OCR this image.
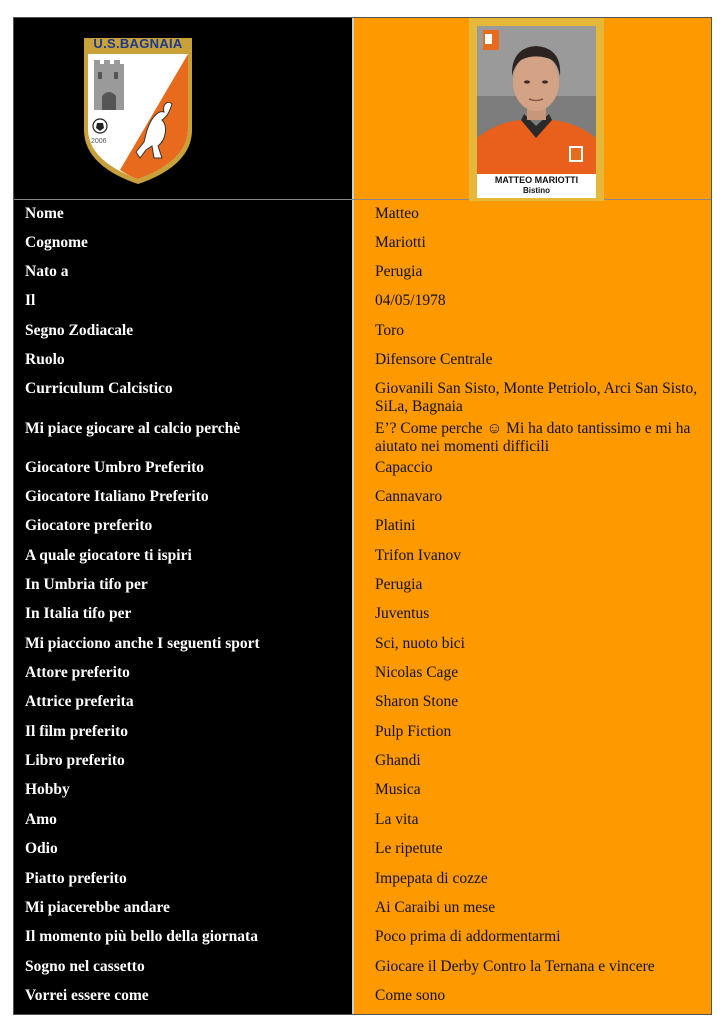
U.S.BAGNAIA
2006
MATTEO MARIOTTI
Bistino
Nome	Matteo
Cognome	Mariotti
Nato a	Perugia
Il	04/05/1978
Segno Zodiacale	Toro
Ruolo	Difensore Centrale
Curriculum Calcistico	Giovanili San Sisto, Monte Petriolo, Arci San Sisto, SiLa, Bagnaia
Mi piace giocare al calcio perchè	E’? Come perche ☺ Mi ha dato tantissimo e mi ha aiutato nei momenti difficili
Giocatore Umbro Preferito	Capaccio
Giocatore Italiano Preferito	Cannavaro
Giocatore preferito	Platini
A quale giocatore ti ispiri	Trifon Ivanov
In Umbria tifo per	Perugia
In Italia tifo per	Juventus
Mi piacciono anche I seguenti sport	Sci, nuoto bici
Attore preferito	Nicolas Cage
Attrice preferita	Sharon Stone
Il film preferito	Pulp Fiction
Libro preferito	Ghandi
Hobby	Musica
Amo	La vita
Odio	Le ripetute
Piatto preferito	Impepata di cozze
Mi piacerebbe andare	Ai Caraibi un mese
Il momento più bello della giornata	Poco prima di addormentarmi
Sogno nel cassetto	Giocare il Derby Contro la Ternana e vincere
Vorrei essere come	Come sono
